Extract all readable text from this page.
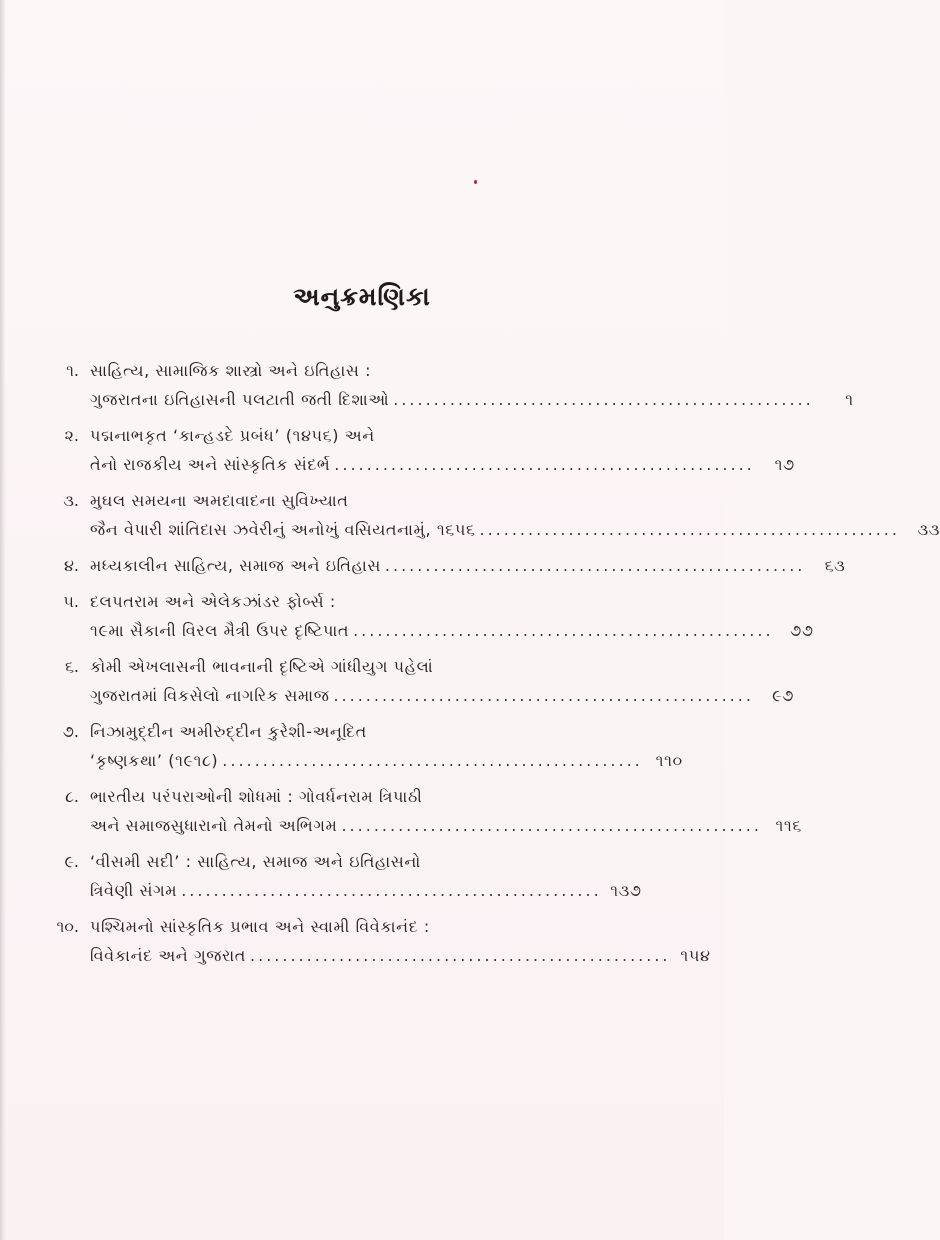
અનુક્રમણિકા
૧. સાહિત્ય, સામાજિક શાસ્ત્રો અને ઇતિહાસ :
ગુજરાતના ઇતિહાસની પલટાતી જતી દિશાઓ ....................................................	૧
૨. પદ્મનાભકૃત ‘કાન્હડદે પ્રબંધ’ (૧૪૫૬) અને
તેનો રાજકીય અને સાંસ્કૃતિક સંદર્ભ ....................................................	૧૭
૩. મુઘલ સમયના અમદાવાદના સુવિખ્યાત
જૈન વેપારી શાંતિદાસ ઝવેરીનું અનોખું વસિયતનામું, ૧૬૫૬ ....................................................	૩૩
૪. મધ્યકાલીન સાહિત્ય, સમાજ અને ઇતિહાસ ....................................................	૬૩
૫. દલપતરામ અને એલેકઝાંડર ફોર્બ્સ :
૧૯મા સૈકાની વિરલ મૈત્રી ઉપર દૃષ્ટિપાત ....................................................	૭૭
૬. કોમી એખલાસની ભાવનાની દૃષ્ટિએ ગાંધીયુગ પહેલાં
ગુજરાતમાં વિકસેલો નાગરિક સમાજ ....................................................	૯૭
૭. નિઝામુદ્દીન અમીરુદ્દીન કુરેશી-અનૂદિત
‘કૃષ્ણકથા’ (૧૯૧૮) .................................................... ૧૧૦
૮. ભારતીય પરંપરાઓની શોધમાં : ગોવર્ધનરામ ત્રિપાઠી
અને સમાજસુધારાનો તેમનો અભિગમ .................................................... ૧૧૬
૯. ‘વીસમી સદી’ : સાહિત્ય, સમાજ અને ઇતિહાસનો
ત્રિવેણી સંગમ .................................................... ૧૩૭
૧૦. પશ્ચિમનો સાંસ્કૃતિક પ્રભાવ અને સ્વામી વિવેકાનંદ :
વિવેકાનંદ અને ગુજરાત .................................................... ૧૫૪
